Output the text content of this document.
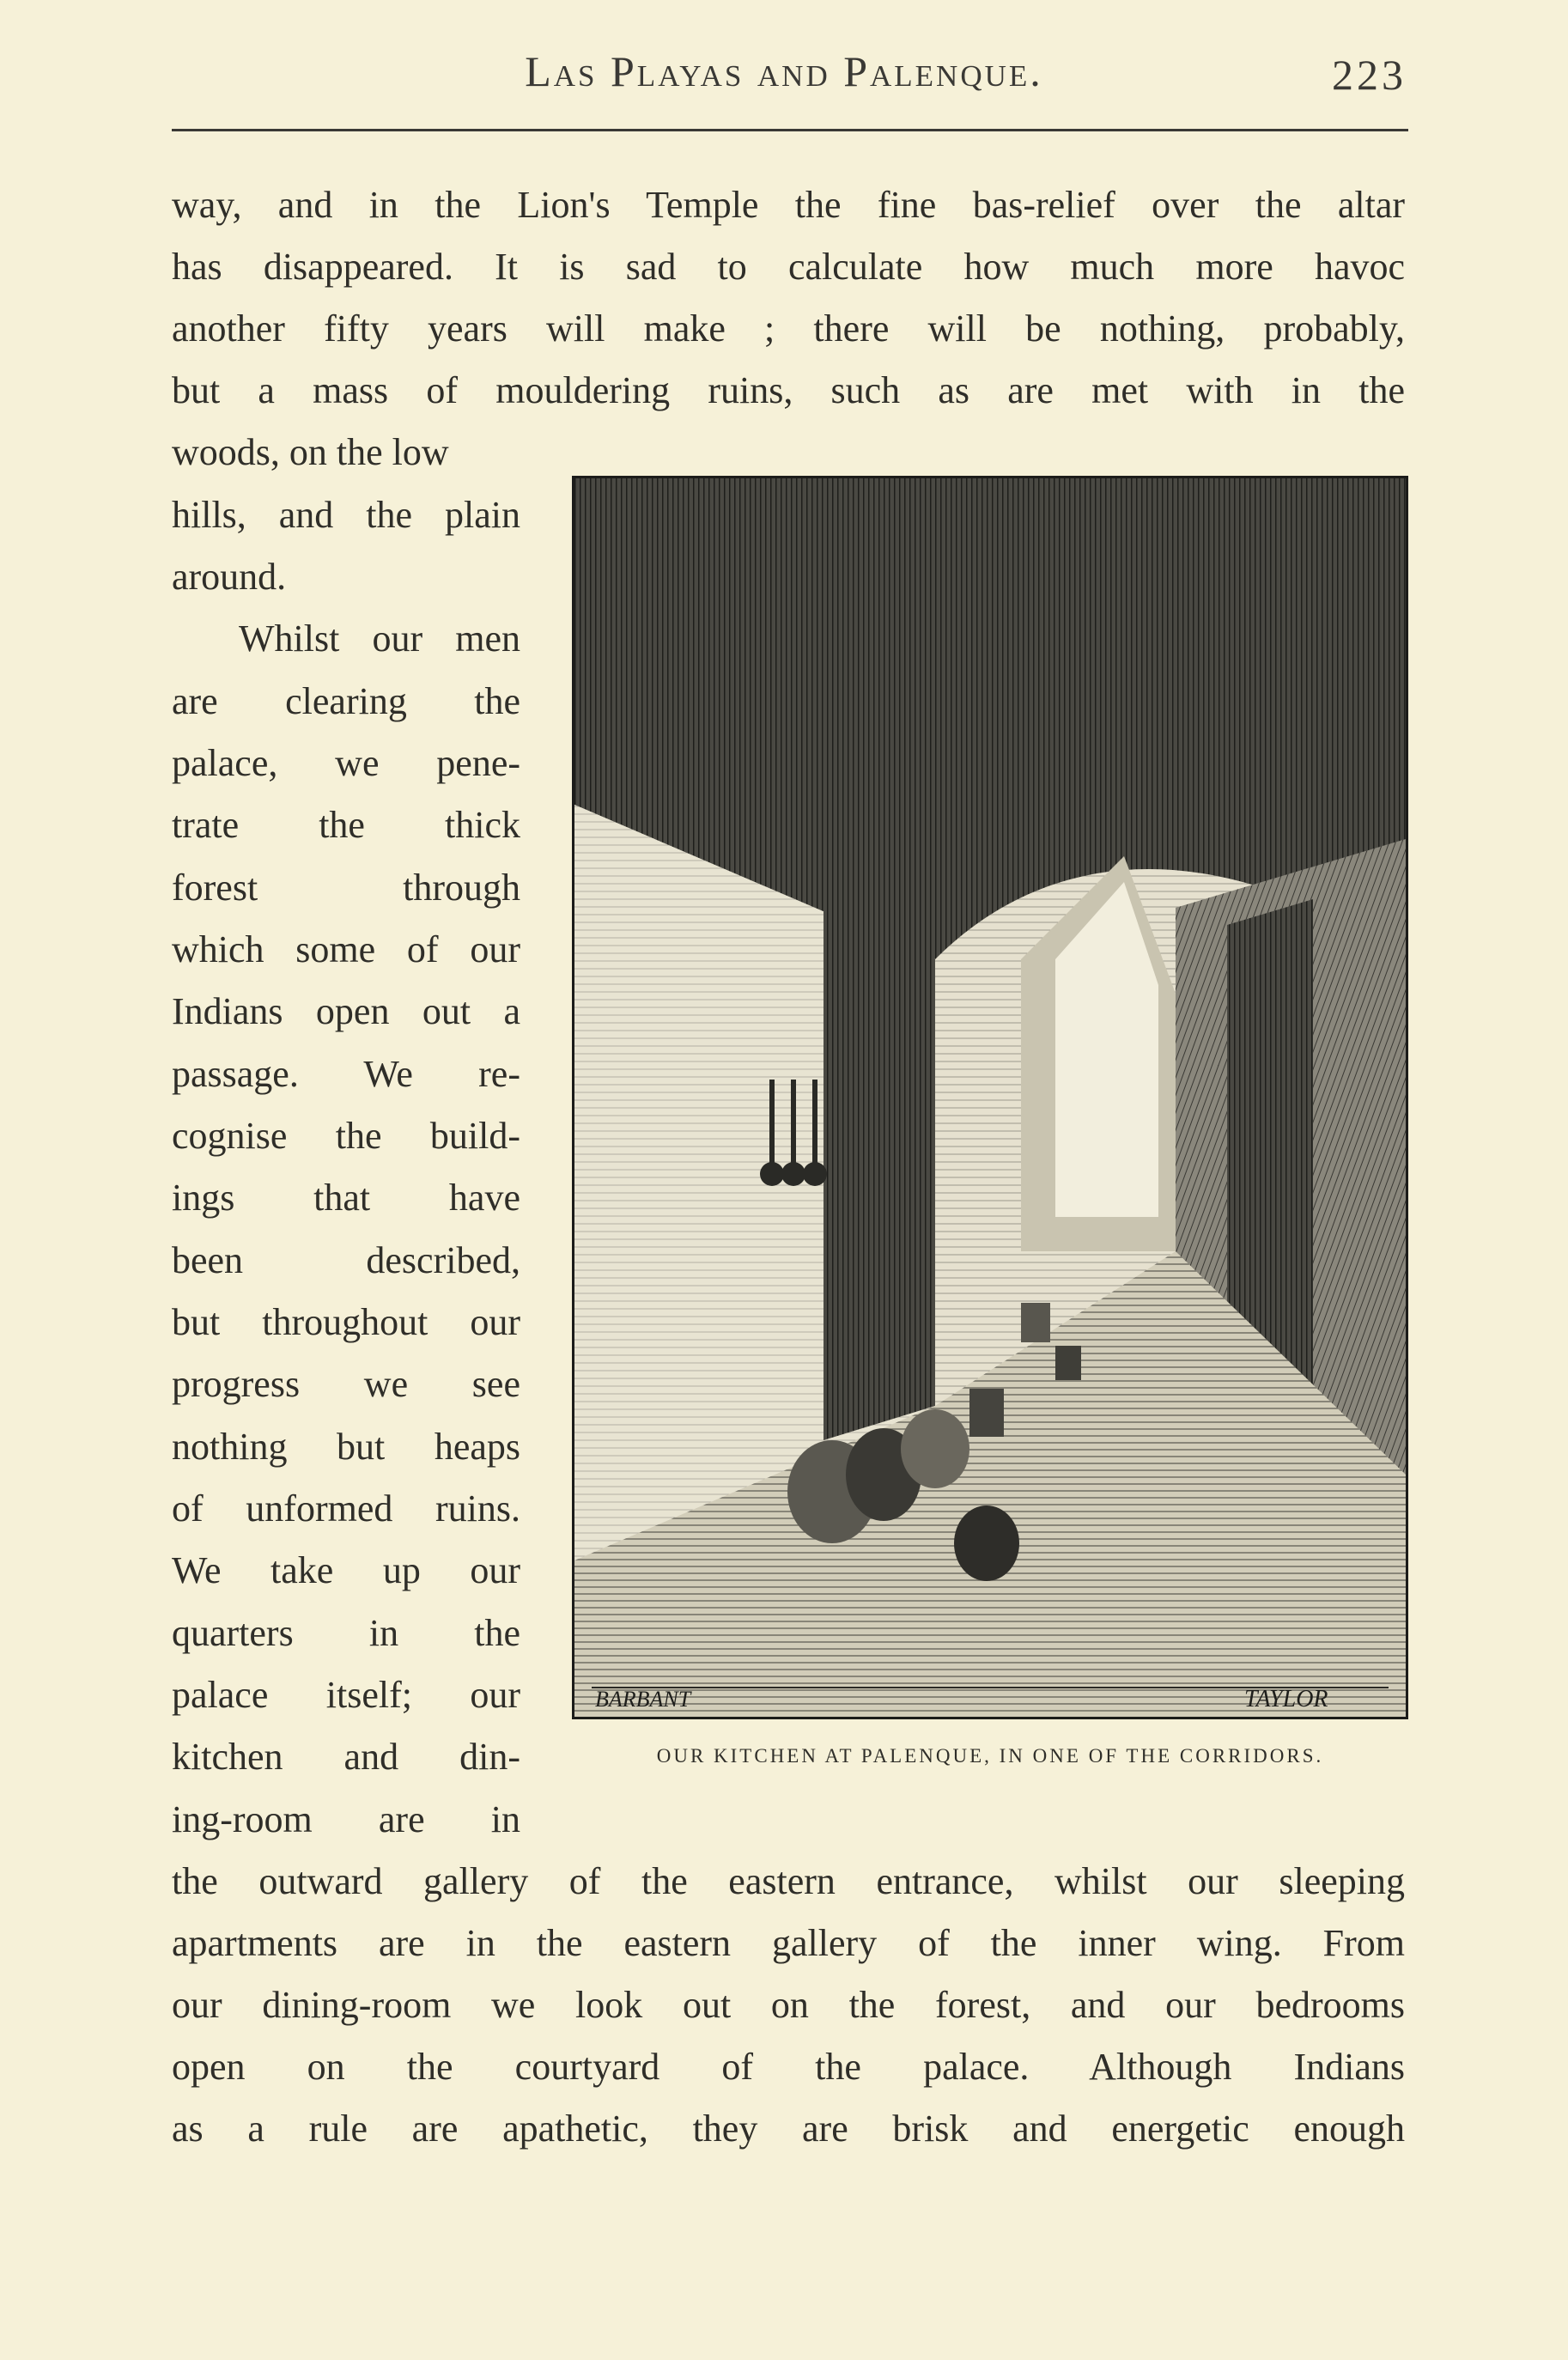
Las Playas and Palenque.	223
way, and in the Lion's Temple the fine bas-relief over the altar
has disappeared. It is sad to calculate how much more havoc
another fifty years will make ; there will be nothing, probably,
but a mass of mouldering ruins, such as are met with in the
woods, on the low
hills, and the plain
around.
Whilst our men
are clearing the
palace, we pene-
trate the thick
forest through
which some of our
Indians open out a
passage. We re-
cognise the build-
ings that have
been described,
but throughout our
progress we see
nothing but heaps
of unformed ruins.
We take up our
quarters in the
palace itself; our
kitchen and din-
ing-room are in
the outward gallery of the eastern entrance, whilst our sleeping
apartments are in the eastern gallery of the inner wing. From
our dining-room we look out on the forest, and our bedrooms
open on the courtyard of the palace. Although Indians
as a rule are apathetic, they are brisk and energetic enough
BARBANT	TAYLOR
OUR KITCHEN AT PALENQUE, IN ONE OF THE CORRIDORS.
